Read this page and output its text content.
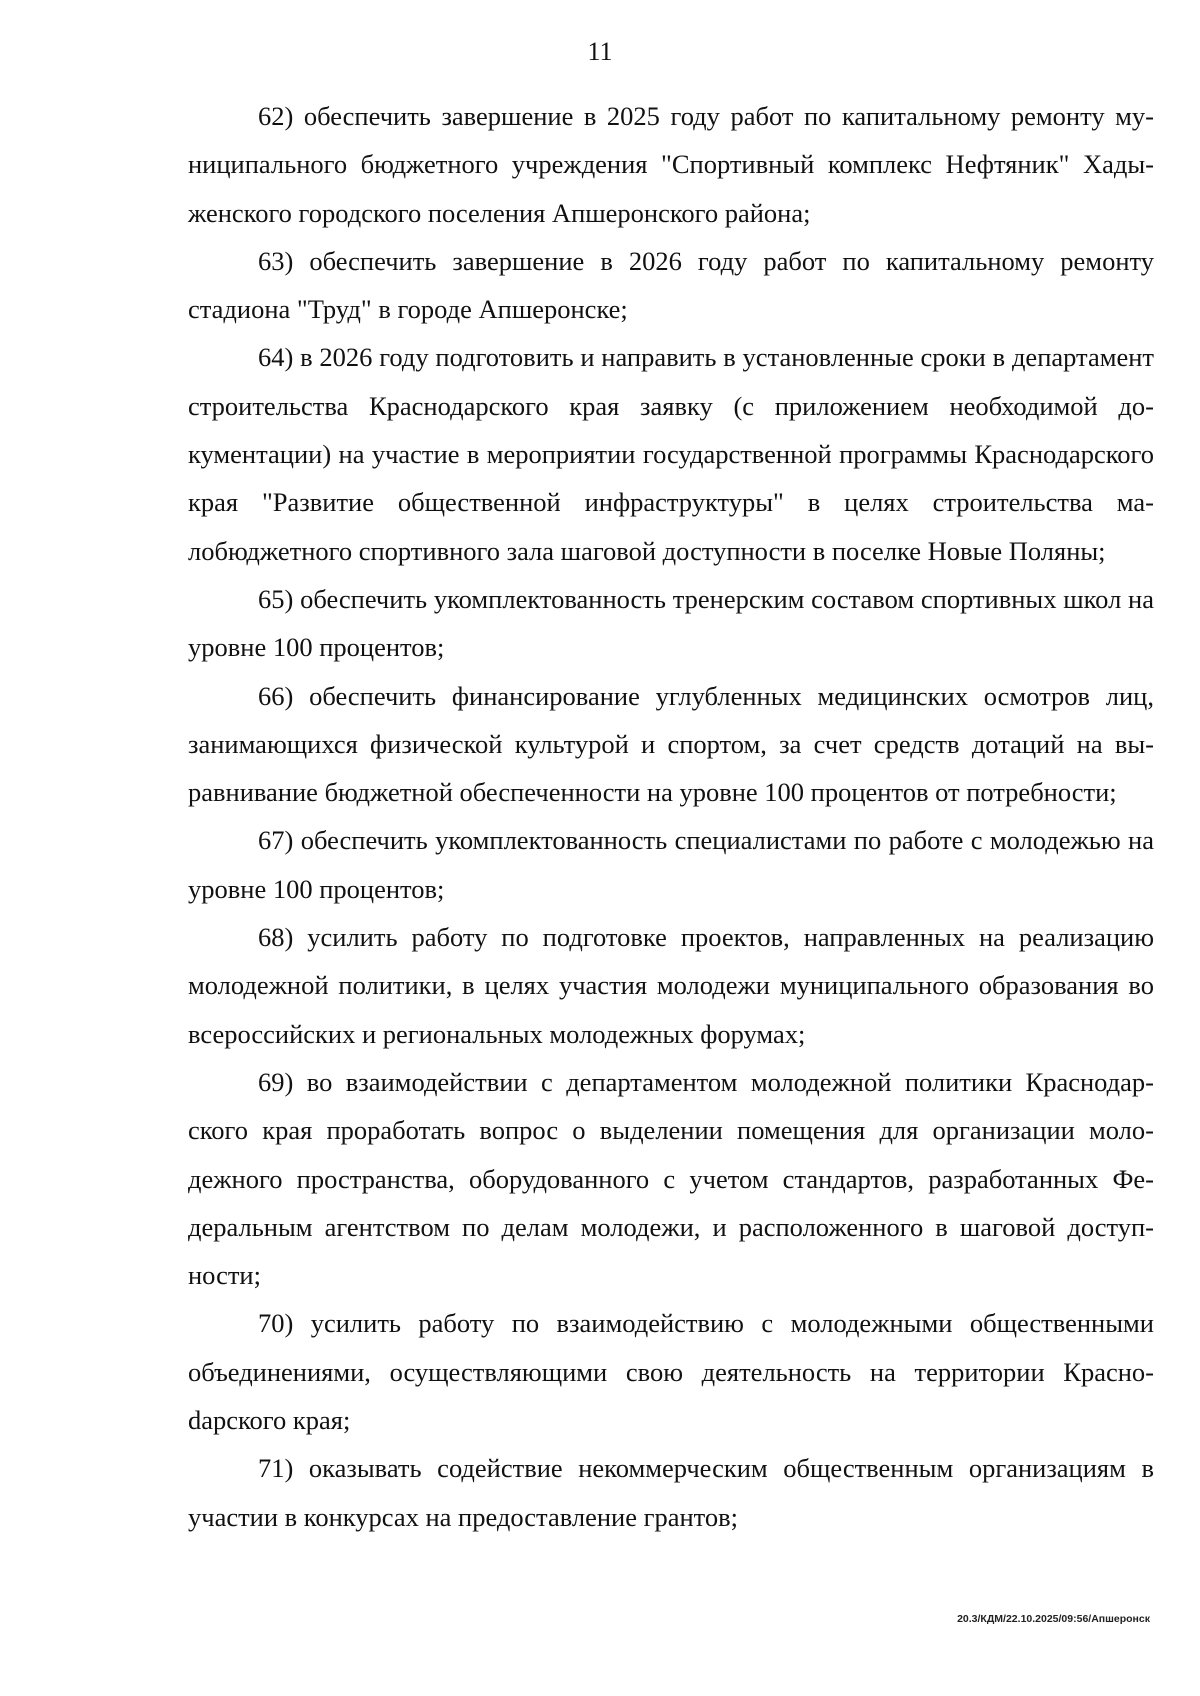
11

62) обеспечить завершение в 2025 году работ по капитальному ремонту муниципального бюджетного учреждения "Спортивный комплекс Нефтяник" Хадыженского городского поселения Апшеронского района;

63) обеспечить завершение в 2026 году работ по капитальному ремонту стадиона "Труд" в городе Апшеронске;

64) в 2026 году подготовить и направить в установленные сроки в департамент строительства Краснодарского края заявку (с приложением необходимой документации) на участие в мероприятии государственной программы Краснодарского края "Развитие общественной инфраструктуры" в целях строительства малобюджетного спортивного зала шаговой доступности в поселке Новые Поляны;

65) обеспечить укомплектованность тренерским составом спортивных школ на уровне 100 процентов;

66) обеспечить финансирование углубленных медицинских осмотров лиц, занимающихся физической культурой и спортом, за счет средств дотаций на выравнивание бюджетной обеспеченности на уровне 100 процентов от потребности;

67) обеспечить укомплектованность специалистами по работе с молодежью на уровне 100 процентов;

68) усилить работу по подготовке проектов, направленных на реализацию молодежной политики, в целях участия молодежи муниципального образования во всероссийских и региональных молодежных форумах;

69) во взаимодействии с департаментом молодежной политики Краснодарского края проработать вопрос о выделении помещения для организации молодежного пространства, оборудованного с учетом стандартов, разработанных Федеральным агентством по делам молодежи, и расположенного в шаговой доступности;

70) усилить работу по взаимодействию с молодежными общественными объединениями, осуществляющими свою деятельность на территории Красноdарского края;

71) оказывать содействие некоммерческим общественным организациям в участии в конкурсах на предоставление грантов;

20.3/КДМ/22.10.2025/09:56/Апшеронск
